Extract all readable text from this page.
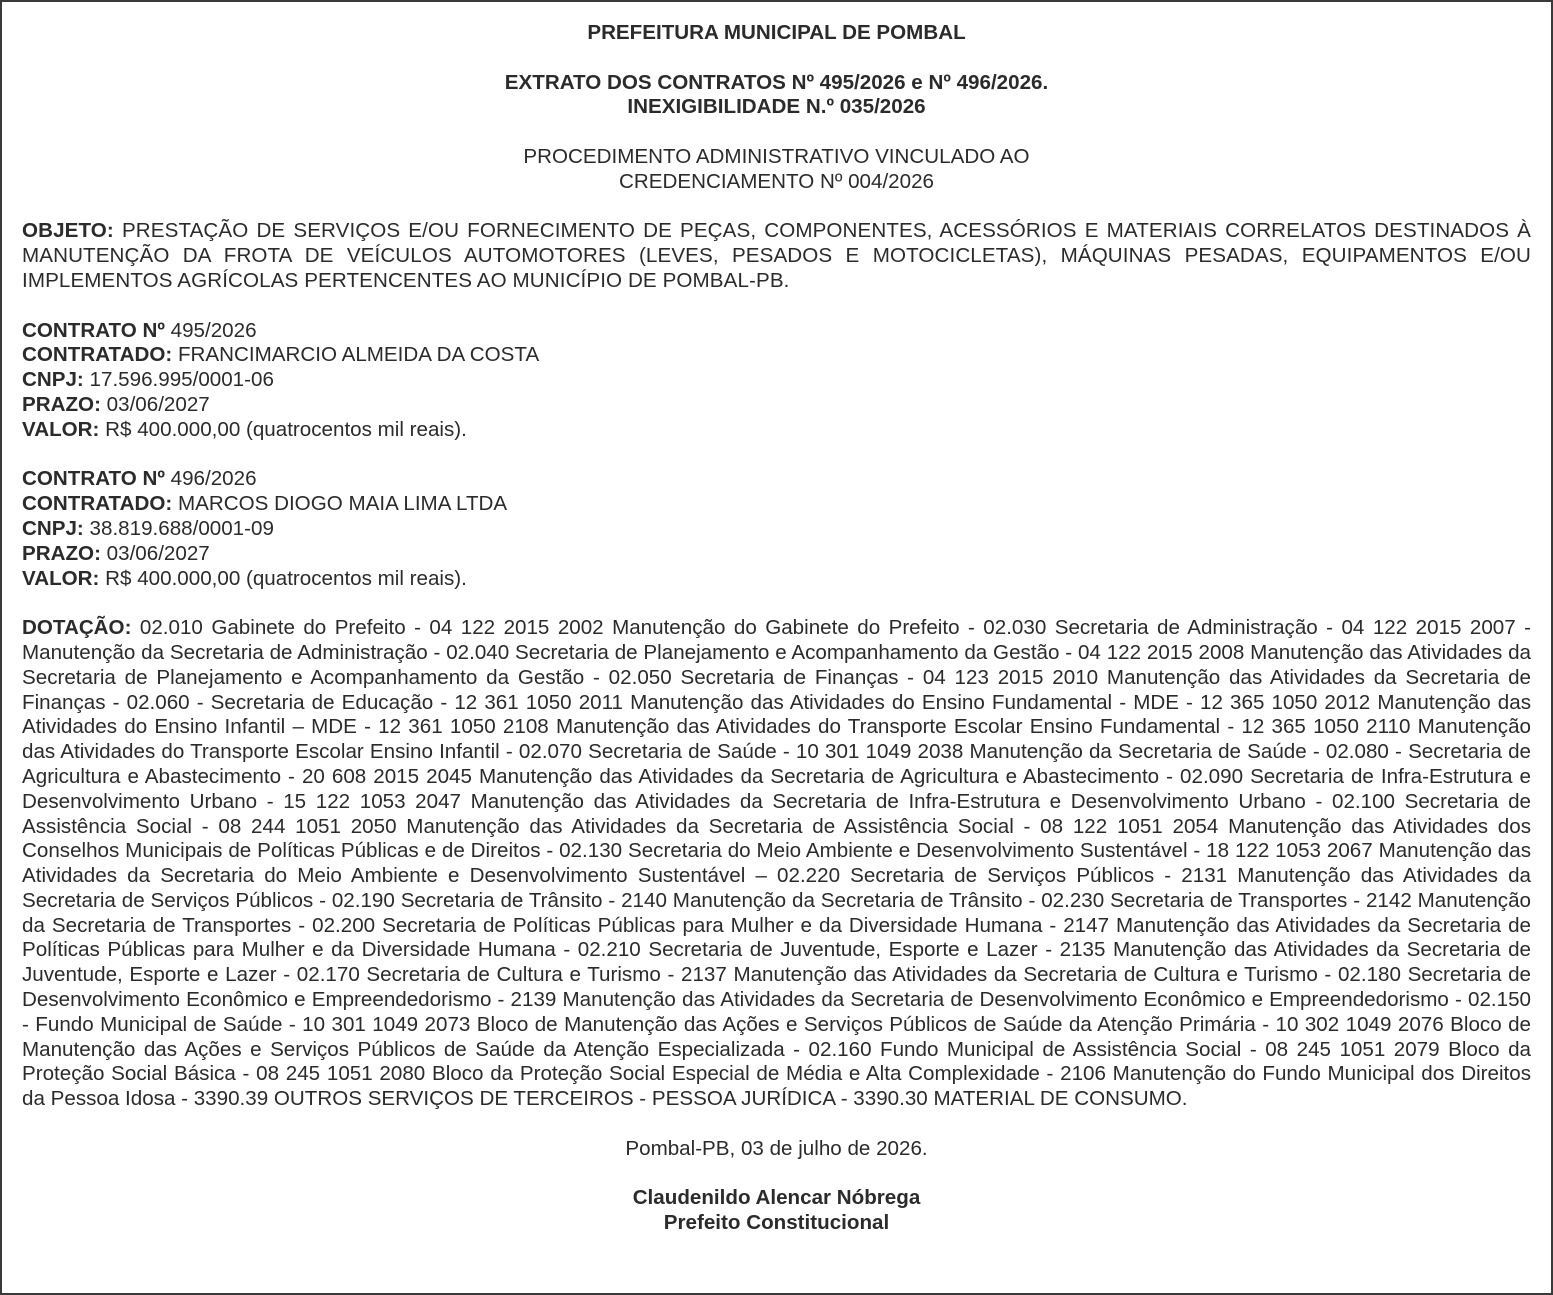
PREFEITURA MUNICIPAL DE POMBAL
EXTRATO DOS CONTRATOS Nº 495/2026 e Nº 496/2026.
INEXIGIBILIDADE N.º 035/2026
PROCEDIMENTO ADMINISTRATIVO VINCULADO AO
CREDENCIAMENTO Nº 004/2026
OBJETO: PRESTAÇÃO DE SERVIÇOS E/OU FORNECIMENTO DE PEÇAS, COMPONENTES, ACESSÓRIOS E MATERIAIS CORRELATOS DESTINADOS À MANUTENÇÃO DA FROTA DE VEÍCULOS AUTOMOTORES (LEVES, PESADOS E MOTOCICLETAS), MÁQUINAS PESADAS, EQUIPAMENTOS E/OU IMPLEMENTOS AGRÍCOLAS PERTENCENTES AO MUNICÍPIO DE POMBAL-PB.
CONTRATO Nº 495/2026
CONTRATADO: FRANCIMARCIO ALMEIDA DA COSTA
CNPJ: 17.596.995/0001-06
PRAZO: 03/06/2027
VALOR: R$ 400.000,00 (quatrocentos mil reais).
CONTRATO Nº 496/2026
CONTRATADO: MARCOS DIOGO MAIA LIMA LTDA
CNPJ: 38.819.688/0001-09
PRAZO: 03/06/2027
VALOR: R$ 400.000,00 (quatrocentos mil reais).
DOTAÇÃO: 02.010 Gabinete do Prefeito - 04 122 2015 2002 Manutenção do Gabinete do Prefeito - 02.030 Secretaria de Administração - 04 122 2015 2007 - Manutenção da Secretaria de Administração - 02.040 Secretaria de Planejamento e Acompanhamento da Gestão - 04 122 2015 2008 Manutenção das Atividades da Secretaria de Planejamento e Acompanhamento da Gestão - 02.050 Secretaria de Finanças - 04 123 2015 2010 Manutenção das Atividades da Secretaria de Finanças - 02.060 - Secretaria de Educação - 12 361 1050 2011 Manutenção das Atividades do Ensino Fundamental - MDE - 12 365 1050 2012 Manutenção das Atividades do Ensino Infantil – MDE - 12 361 1050 2108 Manutenção das Atividades do Transporte Escolar Ensino Fundamental - 12 365 1050 2110 Manutenção das Atividades do Transporte Escolar Ensino Infantil - 02.070 Secretaria de Saúde - 10 301 1049 2038 Manutenção da Secretaria de Saúde - 02.080 - Secretaria de Agricultura e Abastecimento - 20 608 2015 2045 Manutenção das Atividades da Secretaria de Agricultura e Abastecimento - 02.090 Secretaria de Infra-Estrutura e Desenvolvimento Urbano - 15 122 1053 2047 Manutenção das Atividades da Secretaria de Infra-Estrutura e Desenvolvimento Urbano - 02.100 Secretaria de Assistência Social - 08 244 1051 2050 Manutenção das Atividades da Secretaria de Assistência Social - 08 122 1051 2054 Manutenção das Atividades dos Conselhos Municipais de Políticas Públicas e de Direitos - 02.130 Secretaria do Meio Ambiente e Desenvolvimento Sustentável - 18 122 1053 2067 Manutenção das Atividades da Secretaria do Meio Ambiente e Desenvolvimento Sustentável – 02.220 Secretaria de Serviços Públicos - 2131 Manutenção das Atividades da Secretaria de Serviços Públicos - 02.190 Secretaria de Trânsito - 2140 Manutenção da Secretaria de Trânsito - 02.230 Secretaria de Transportes - 2142 Manutenção da Secretaria de Transportes - 02.200 Secretaria de Políticas Públicas para Mulher e da Diversidade Humana - 2147 Manutenção das Atividades da Secretaria de Políticas Públicas para Mulher e da Diversidade Humana - 02.210 Secretaria de Juventude, Esporte e Lazer - 2135 Manutenção das Atividades da Secretaria de Juventude, Esporte e Lazer - 02.170 Secretaria de Cultura e Turismo - 2137 Manutenção das Atividades da Secretaria de Cultura e Turismo - 02.180 Secretaria de Desenvolvimento Econômico e Empreendedorismo - 2139 Manutenção das Atividades da Secretaria de Desenvolvimento Econômico e Empreendedorismo - 02.150 - Fundo Municipal de Saúde - 10 301 1049 2073 Bloco de Manutenção das Ações e Serviços Públicos de Saúde da Atenção Primária - 10 302 1049 2076 Bloco de Manutenção das Ações e Serviços Públicos de Saúde da Atenção Especializada - 02.160 Fundo Municipal de Assistência Social - 08 245 1051 2079 Bloco da Proteção Social Básica - 08 245 1051 2080 Bloco da Proteção Social Especial de Média e Alta Complexidade - 2106 Manutenção do Fundo Municipal dos Direitos da Pessoa Idosa - 3390.39 OUTROS SERVIÇOS DE TERCEIROS - PESSOA JURÍDICA - 3390.30 MATERIAL DE CONSUMO.
Pombal-PB, 03 de julho de 2026.
Claudenildo Alencar Nóbrega
Prefeito Constitucional
